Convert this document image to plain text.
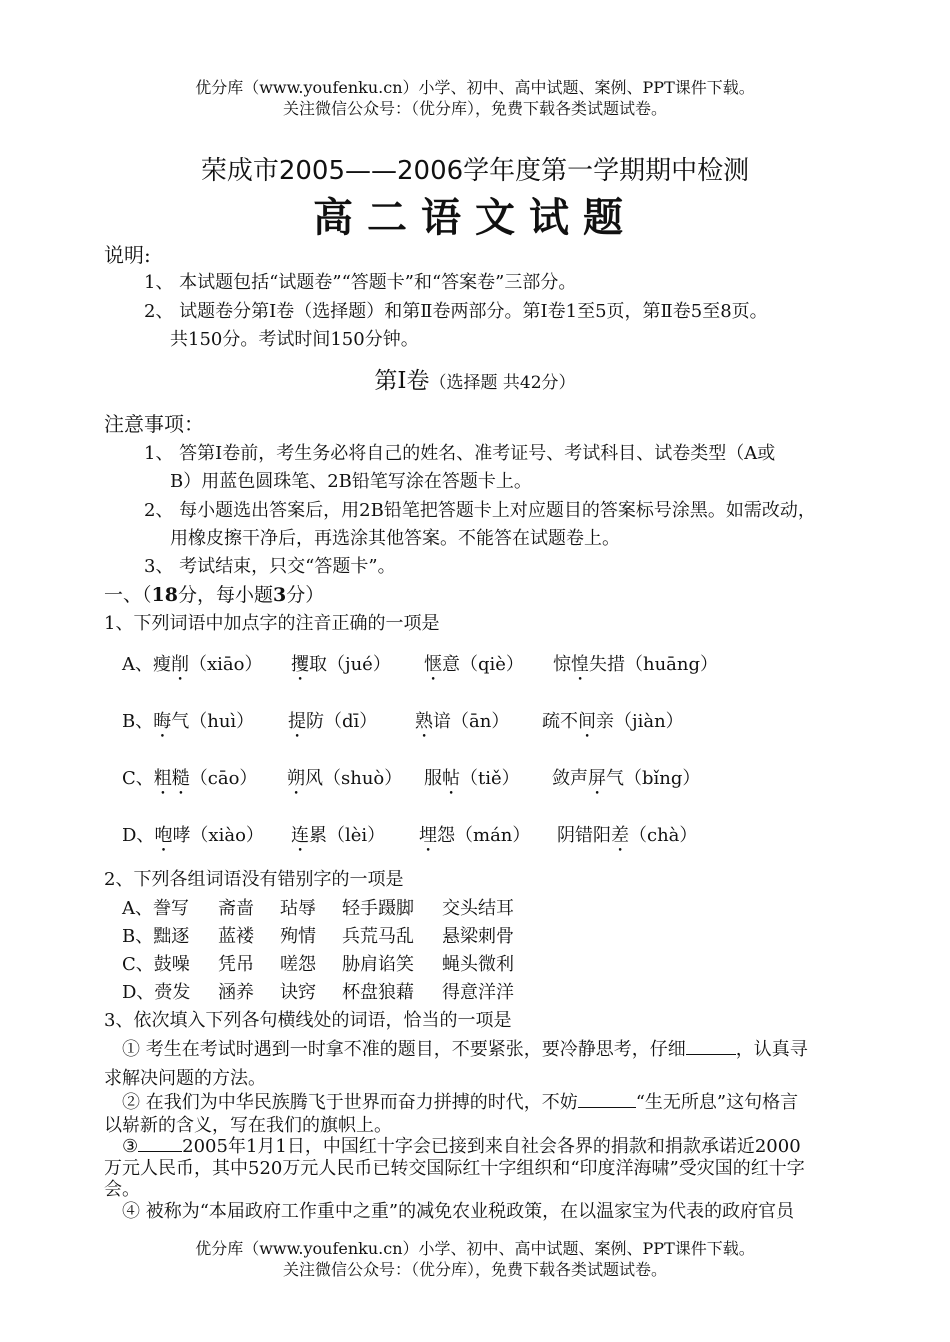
优分库（www.youfenku.cn）小学、初中、高中试题、案例、PPT课件下载。
关注微信公众号：（优分库），免费下载各类试题试卷。
荣成市2005——2006学年度第一学期期中检测
高二语文试题
说明:
1、 本试题包括“试题卷”“答题卡”和“答案卷”三部分。
2、 试题卷分第Ⅰ卷（选择题）和第Ⅱ卷两部分。第Ⅰ卷1至5页，第Ⅱ卷5至8页。
共150分。考试时间150分钟。
第Ⅰ卷（选择题 共42分）
注意事项：
1、 答第Ⅰ卷前，考生务必将自己的姓名、准考证号、考试科目、试卷类型（A或
B）用蓝色圆珠笔、2B铅笔写涂在答题卡上。
2、 每小题选出答案后，用2B铅笔把答题卡上对应题目的答案标号涂黑。如需改动，
用橡皮擦干净后，再选涂其他答案。不能答在试题卷上。
3、 考试结束，只交“答题卡”。
一、（18分，每小题3分）
1、下列词语中加点字的注音正确的一项是
A、瘦削（xiāo） 攫取（jué） 惬意（qiè） 惊惶失措（huāng）
B、晦气（huì） 提防（dī） 熟谙（ān） 疏不间亲（jiàn）
C、粗糙（cāo） 朔风（shuò） 服帖（tiě） 敛声屏气（bǐng）
D、咆哮（xiào） 连累（lèi） 埋怨（mán） 阴错阳差（chà）
2、下列各组词语没有错别字的一项是
A、誊写 斋啬 玷辱 轻手蹑脚 交头结耳
B、黜逐 蓝褛 殉情 兵荒马乱 悬梁刺骨
C、鼓噪 凭吊 嗟怨 胁肩谄笑 蝇头微利
D、赍发 涵养 诀窍 杯盘狼藉 得意洋洋
3、依次填入下列各句横线处的词语，恰当的一项是
① 考生在考试时遇到一时拿不准的题目，不要紧张，要冷静思考，仔细	，认真寻
求解决问题的方法。
② 在我们为中华民族腾飞于世界而奋力拼搏的时代，不妨	“生无所息”这句格言
以崭新的含义，写在我们的旗帜上。
③ 2005年1月1日，中国红十字会已接到来自社会各界的捐款和捐款承诺近2000
万元人民币，其中520万元人民币已转交国际红十字组织和“印度洋海啸”受灾国的红十字
会。
④ 被称为“本届政府工作重中之重”的减免农业税政策，在以温家宝为代表的政府官员
优分库（www.youfenku.cn）小学、初中、高中试题、案例、PPT课件下载。
关注微信公众号：（优分库），免费下载各类试题试卷。
